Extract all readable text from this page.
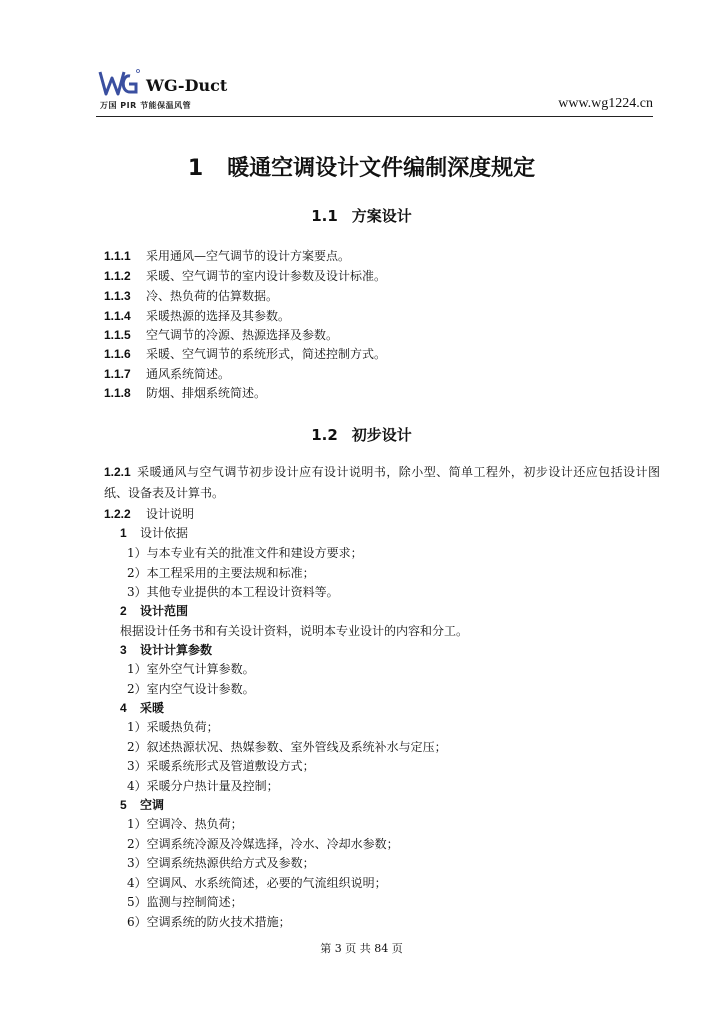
WG-Duct
万国 PIR 节能保温风管	www.wg1224.cn
1 暖通空调设计文件编制深度规定
1.1 方案设计
1.1.1 采用通风—空气调节的设计方案要点。
1.1.2 采暖、空气调节的室内设计参数及设计标准。
1.1.3 冷、热负荷的估算数据。
1.1.4 采暖热源的选择及其参数。
1.1.5 空气调节的冷源、热源选择及参数。
1.1.6 采暖、空气调节的系统形式，简述控制方式。
1.1.7 通风系统简述。
1.1.8 防烟、排烟系统简述。
1.2 初步设计
1.2.1 采暖通风与空气调节初步设计应有设计说明书，除小型、简单工程外，初步设计还应包括设计图纸、设备表及计算书。
1.2.2 设计说明
1 设计依据
1）与本专业有关的批准文件和建设方要求；
2）本工程采用的主要法规和标准；
3）其他专业提供的本工程设计资料等。
2 设计范围
根据设计任务书和有关设计资料，说明本专业设计的内容和分工。
3 设计计算参数
1）室外空气计算参数。
2）室内空气设计参数。
4 采暖
1）采暖热负荷；
2）叙述热源状况、热媒参数、室外管线及系统补水与定压；
3）采暖系统形式及管道敷设方式；
4）采暖分户热计量及控制；
5 空调
1）空调冷、热负荷；
2）空调系统冷源及冷媒选择，冷水、冷却水参数；
3）空调系统热源供给方式及参数；
4）空调风、水系统简述，必要的气流组织说明；
5）监测与控制简述；
6）空调系统的防火技术措施；
第 3 页 共 84 页
